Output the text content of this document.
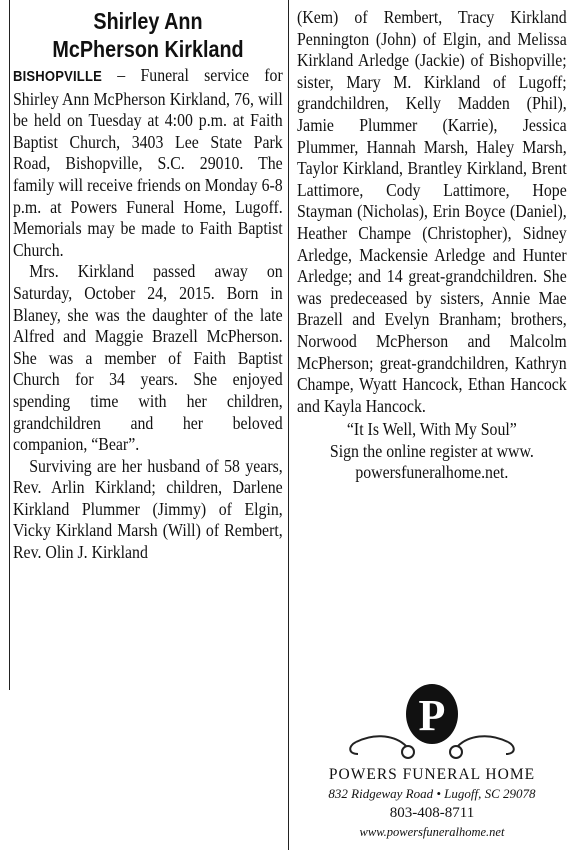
Shirley Ann
McPherson Kirkland

BISHOPVILLE – Funeral service for Shirley Ann McPherson Kirkland, 76, will be held on Tuesday at 4:00 p.m. at Faith Baptist Church, 3403 Lee State Park Road, Bishopville, S.C. 29010. The family will receive friends on Monday 6-8 p.m. at Powers Funeral Home, Lugoff. Memorials may be made to Faith Baptist Church.

Mrs. Kirkland passed away on Saturday, October 24, 2015. Born in Blaney, she was the daughter of the late Alfred and Maggie Brazell McPherson. She was a member of Faith Baptist Church for 34 years. She enjoyed spending time with her children, grandchildren and her beloved companion, “Bear”.

Surviving are her husband of 58 years, Rev. Arlin Kirkland; children, Darlene Kirkland Plummer (Jimmy) of Elgin, Vicky Kirkland Marsh (Will) of Rembert, Rev. Olin J. Kirkland

(Kem) of Rembert, Tracy Kirkland Pennington (John) of Elgin, and Melissa Kirkland Arledge (Jackie) of Bishopville; sister, Mary M. Kirkland of Lugoff; grandchildren, Kelly Madden (Phil), Jamie Plummer (Karrie), Jessica Plummer, Hannah Marsh, Haley Marsh, Taylor Kirkland, Brantley Kirkland, Brent Lattimore, Cody Lattimore, Hope Stayman (Nicholas), Erin Boyce (Daniel), Heather Champe (Christopher), Sidney Arledge, Mackensie Arledge and Hunter Arledge; and 14 great-grandchildren. She was predeceased by sisters, Annie Mae Brazell and Evelyn Branham; brothers, Norwood McPherson and Malcolm McPherson; great-grandchildren, Kathryn Champe, Wyatt Hancock, Ethan Hancock and Kayla Hancock.

“It Is Well, With My Soul”

Sign the online register at www.

powersfuneralhome.net.

P
POWERS FUNERAL HOME
832 Ridgeway Road • Lugoff, SC 29078
803-408-8711
www.powersfuneralhome.net
